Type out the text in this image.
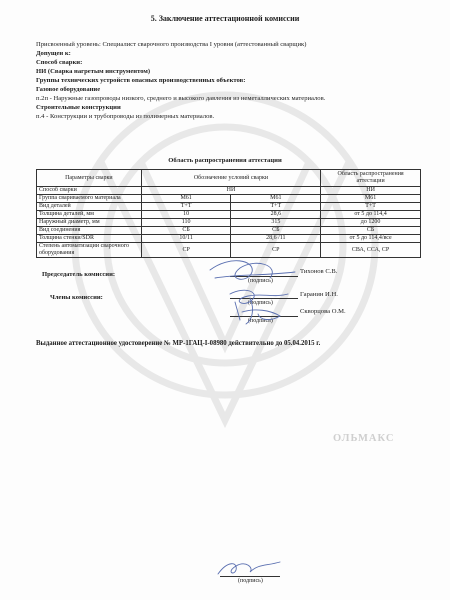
5. Заключение аттестационной комиссии
Присвоенный уровень: Специалист сварочного производства I уровня (аттестованный сварщик)
Допущен к:
Способ сварки:
НИ (Сварка нагретым инструментом)
Группы технических устройств опасных производственных объектов:
Газовое оборудование
п.2п - Наружные газопроводы низкого, среднего и высокого давления из неметаллических материалов.
Строительные конструкции
п.4 - Конструкции и трубопроводы из полимерных материалов.
Область распространения аттестации
Параметры сварки	Обозначение условий сварки		Область распространения аттестации
Способ сварки	НИ		НИ
Группа свариваемого материала	М61	М61	М61
Вид деталей	Т+Т	Т+Т	Т+Т
Толщина деталей, мм	10	28,6	от 5 до 114,4
Наружный диаметр, мм	110	315	до 1200
Вид соединения	СБ	СБ	СБ
Толщина стенки/SDR	10/11	28,6 /11	от 5 до 114,4/все
Степень автоматизации сварочного оборудования	СР	СР	СВА, ССА, СР
Председатель комиссии:
Члены комиссии:
(подпись)
Тихонов С.В.
(подпись)
Гаранин И.Н.
(подпись)
Скворцова О.М.
Выданное аттестационное удостоверение № МР-1ГАЦ-I-08980 действительно до 05.04.2015 г.
ОЛЬМАКС
(подпись)
